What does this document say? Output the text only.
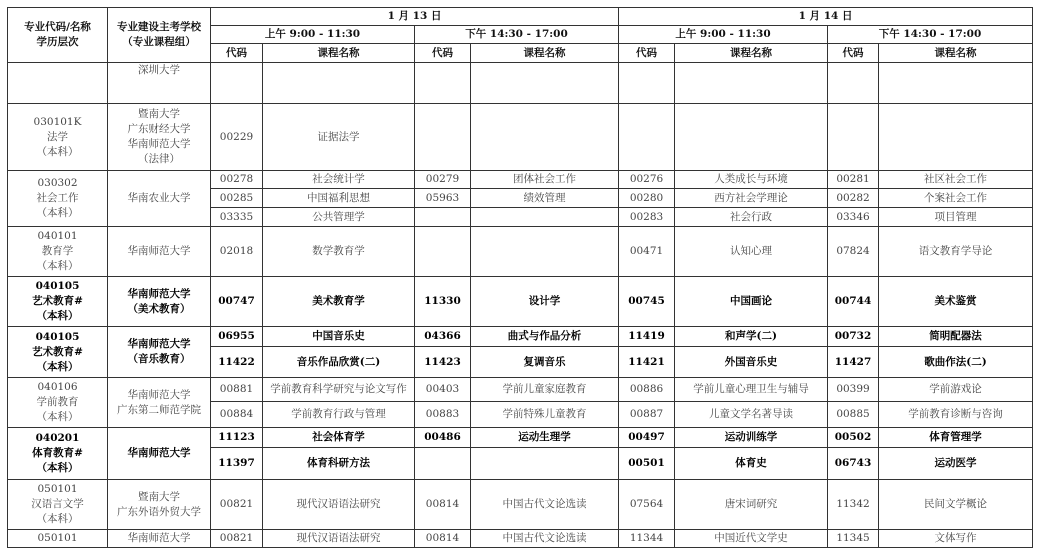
专业代码/名称
学历层次	专业建设主考学校
（专业课程组）	1 月 13 日				1 月 14 日			
		上午 9:00 - 11:30		下午 14:30 - 17:00		上午 9:00 - 11:30		下午 14:30 - 17:00	
		代码	课程名称	代码	课程名称	代码	课程名称	代码	课程名称

	深圳大学								

030101K
法学
（本科）	暨南大学
广东财经大学
华南师范大学
（法律）	00229	证据法学						

030302
社会工作
（本科）	华南农业大学	00278	社会统计学	00279	团体社会工作	00276	人类成长与环境	00281	社区社会工作
		00285	中国福利思想	05963	绩效管理	00280	西方社会学理论	00282	个案社会工作
		03335	公共管理学			00283	社会行政	03346	项目管理

040101
教育学
（本科）	华南师范大学	02018	数学教育学			00471	认知心理	07824	语文教育学导论

040105
艺术教育#
（本科）	华南师范大学
（美术教育）	00747	美术教育学	11330	设计学	00745	中国画论	00744	美术鉴赏

040105
艺术教育#
（本科）	华南师范大学
（音乐教育）	06955	中国音乐史	04366	曲式与作品分析	11419	和声学(二)	00732	简明配器法
		11422	音乐作品欣赏(二)	11423	复调音乐	11421	外国音乐史	11427	歌曲作法(二)

040106
学前教育
（本科）	华南师范大学
广东第二师范学院	00881	学前教育科学研究与论文写作	00403	学前儿童家庭教育	00886	学前儿童心理卫生与辅导	00399	学前游戏论
		00884	学前教育行政与管理	00883	学前特殊儿童教育	00887	儿童文学名著导读	00885	学前教育诊断与咨询

040201
体育教育#
（本科）	华南师范大学	11123	社会体育学	00486	运动生理学	00497	运动训练学	00502	体育管理学
		11397	体育科研方法			00501	体育史	06743	运动医学

050101
汉语言文学
（本科）	暨南大学
广东外语外贸大学	00821	现代汉语语法研究	00814	中国古代文论选读	07564	唐宋词研究	11342	民间文学概论

050101	华南师范大学	00821	现代汉语语法研究	00814	中国古代文论选读	11344	中国近代文学史	11345	文体写作
